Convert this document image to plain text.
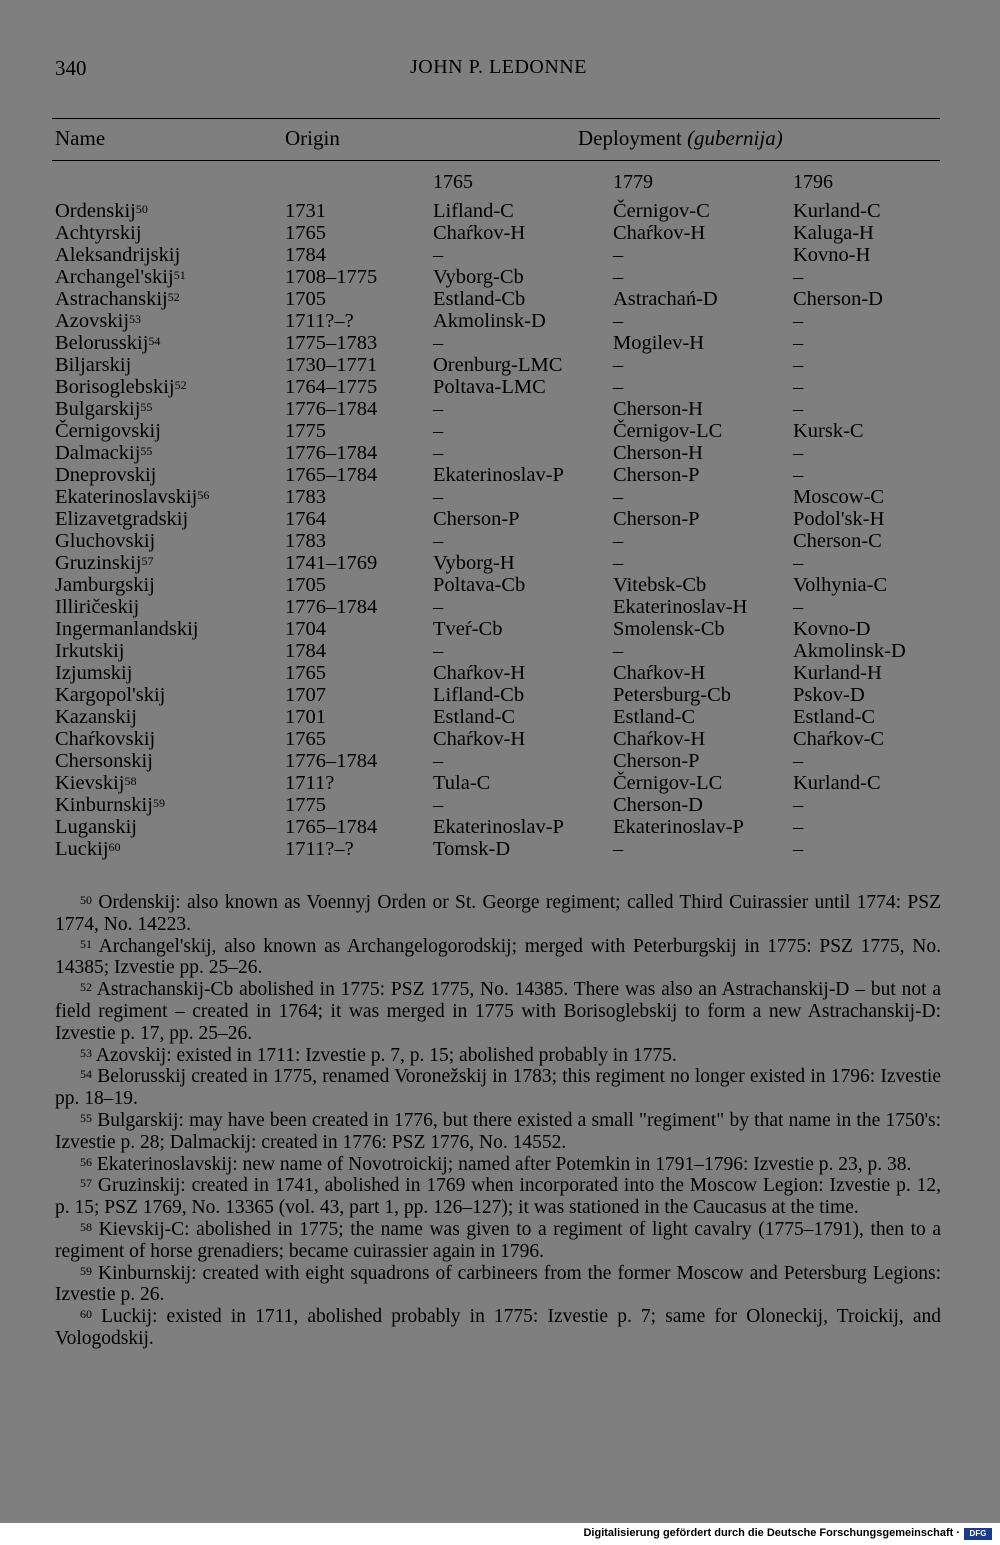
340	JOHN P. LEDONNE
Name	Origin	Deployment (gubernija)
1765	1779	1796
Ordenskij$^{50}$	1731	Lifland-C	Černigov-C	Kurland-C
Achtyrskij	1765	Chaŕkov-H	Chaŕkov-H	Kaluga-H
Aleksandrijskij	1784	–	–	Kovno-H
Archangel'skij$^{51}$	1708–1775	Vyborg-Cb	–	–
Astrachanskij$^{52}$	1705	Estland-Cb	Astrachań-D	Cherson-D
Azovskij$^{53}$	1711?–?	Akmolinsk-D	–	–
Belorusskij$^{54}$	1775–1783	–	Mogilev-H	–
Biljarskij	1730–1771	Orenburg-LMC –	–
Borisoglebskij$^{52}$	1764–1775	Poltava-LMC	–	–
Bulgarskij$^{55}$	1776–1784	–	Cherson-H	–
Černigovskij	1775	–	Černigov-LC	Kursk-C
Dalmackij$^{55}$	1776–1784	–	Cherson-H	–
Dneprovskij	1765–1784	Ekaterinoslav-P Cherson-P	–
Ekaterinoslavskij$^{56}$	1783	–	–	Moscow-C
Elizavetgradskij	1764	Cherson-P	Cherson-P	Podol'sk-H
Gluchovskij	1783	–	–	Cherson-C
Gruzinskij$^{57}$	1741–1769	Vyborg-H	–	–
Jamburgskij	1705	Poltava-Cb	Vitebsk-Cb	Volhynia-C
Illiričeskij	1776–1784	–	Ekaterinoslav-H –
Ingermanlandskij	1704	Tveŕ-Cb	Smolensk-Cb	Kovno-D
Irkutskij	1784	–	–	Akmolinsk-D
Izjumskij	1765	Chaŕkov-H	Chaŕkov-H	Kurland-H
Kargopol'skij	1707	Lifland-Cb	Petersburg-Cb	Pskov-D
Kazanskij	1701	Estland-C	Estland-C	Estland-C
Chaŕkovskij	1765	Chaŕkov-H	Chaŕkov-H	Chaŕkov-C
Chersonskij	1776–1784	–	Cherson-P	–
Kievskij$^{58}$	1711?	Tula-C	Černigov-LC	Kurland-C
Kinburnskij$^{59}$	1775	–	Cherson-D	–
Luganskij	1765–1784	Ekaterinoslav-P Ekaterinoslav-P –
Luckij$^{60}$	1711?–?	Tomsk-D	–	–

$^{50}$ Ordenskij: also known as Voennyj Orden or St. George regiment; called Third Cuirassier until 1774: PSZ 1774, No. 14223.

$^{51}$ Archangel'skij, also known as Archangelogorodskij; merged with Peterburgskij in 1775: PSZ 1775, No. 14385; Izvestie pp. 25–26.

$^{52}$ Astrachanskij-Cb abolished in 1775: PSZ 1775, No. 14385. There was also an Astrachanskij-D – but not a field regiment – created in 1764; it was merged in 1775 with Borisoglebskij to form a new Astrachanskij-D: Izvestie p. 17, pp. 25–26.

$^{53}$ Azovskij: existed in 1711: Izvestie p. 7, p. 15; abolished probably in 1775.

$^{54}$ Belorusskij created in 1775, renamed Voronežskij in 1783; this regiment no longer existed in 1796: Izvestie pp. 18–19.

$^{55}$ Bulgarskij: may have been created in 1776, but there existed a small "regiment" by that name in the 1750's: Izvestie p. 28; Dalmackij: created in 1776: PSZ 1776, No. 14552.

$^{56}$ Ekaterinoslavskij: new name of Novotroickij; named after Potemkin in 1791–1796: Izvestie p. 23, p. 38.

$^{57}$ Gruzinskij: created in 1741, abolished in 1769 when incorporated into the Moscow Legion: Izvestie p. 12, p. 15; PSZ 1769, No. 13365 (vol. 43, part 1, pp. 126–127); it was stationed in the Caucasus at the time.

$^{58}$ Kievskij-C: abolished in 1775; the name was given to a regiment of light cavalry (1775–1791), then to a regiment of horse grenadiers; became cuirassier again in 1796.

$^{59}$ Kinburnskij: created with eight squadrons of carbineers from the former Moscow and Petersburg Legions: Izvestie p. 26.

$^{60}$ Luckij: existed in 1711, abolished probably in 1775: Izvestie p. 7; same for Oloneckij, Troickij, and Vologodskij.

Digitalisierung gefördert durch die Deutsche Forschungsgemeinschaft ·	DFG
